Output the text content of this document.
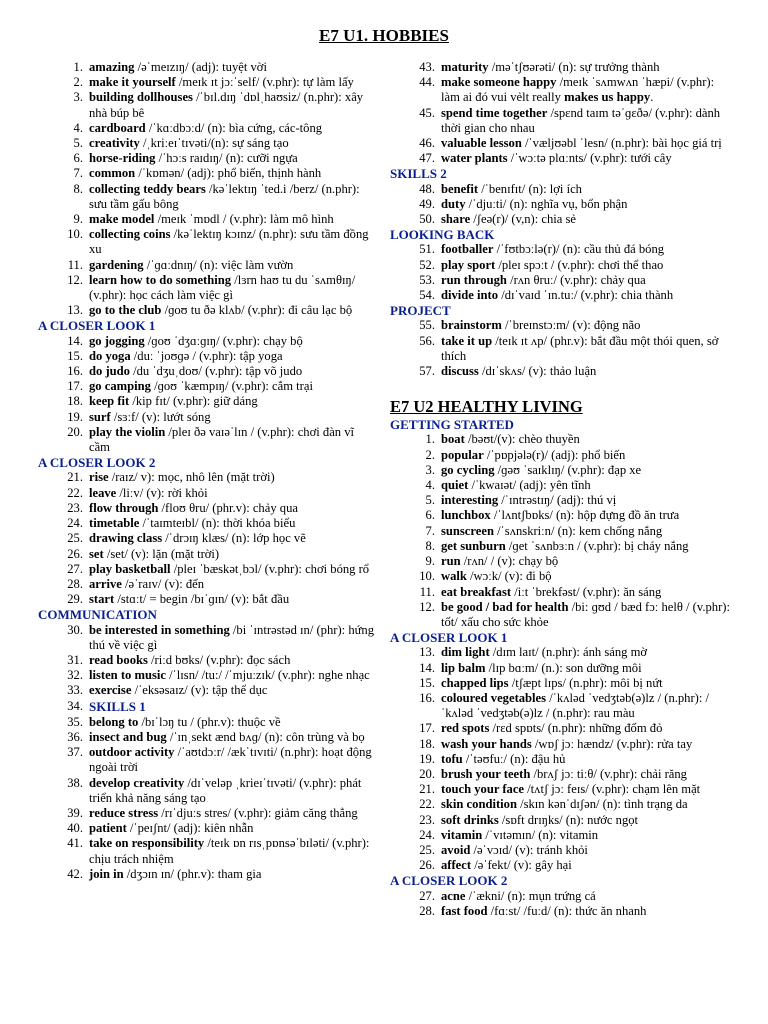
E7 U1. HOBBIES
1. amazing /əˈmeɪzɪŋ/ (adj): tuyệt vời
2. make it yourself /meɪk ɪt jɔːˈself/ (v.phr): tự làm lấy
3. building dollhouses /ˈbɪl.dɪŋ ˈdɒlˌhaʊsiz/ (n.phr): xây nhà búp bê
4. cardboard /ˈkɑːdbɔːd/ (n): bìa cứng, các-tông
5. creativity /ˌkriːeɪˈtɪvəti/(n): sự sáng tạo
6. horse-riding /ˈhɔːs raɪdɪŋ/ (n): cưỡi ngựa
7. common /ˈkɒmən/ (adj): phổ biến, thịnh hành
8. collecting teddy bears /kəˈlektɪŋ ˈted.i /berz/ (n.phr): sưu tầm gấu bông
9. make model /meɪk ˈmɒdl / (v.phr): làm mô hình
10. collecting coins /kəˈlektɪŋ kɔɪnz/ (n.phr): sưu tầm đồng xu
11. gardening /ˈɡɑːdnɪŋ/ (n): việc làm vườn
12. learn how to do something /lɜrn haʊ tu du ˈsʌmθɪŋ/ (v.phr): học cách làm việc gì
13. go to the club /ɡoʊ tu ðə klʌb/ (v.phr): đi câu lạc bộ
A CLOSER LOOK 1
14. go jogging /ɡoʊ ˈdʒɑːɡɪŋ/ (v.phr): chạy bộ
15. do yoga /duː ˈjoʊɡə / (v.phr): tập yoga
16. do judo /du ˈdʒuˌdoʊ/ (v.phr): tập võ judo
17. go camping /ɡoʊ ˈkæmpɪŋ/ (v.phr): cắm trại
18. keep fit /kip fɪt/ (v.phr): giữ dáng
19. surf /sɜːf/ (v): lướt sóng
20. play the violin /pleɪ ðə vaɪəˈlɪn / (v.phr): chơi đàn vĩ cầm
A CLOSER LOOK 2
21. rise /raɪz/ v): mọc, nhô lên (mặt trời)
22. leave /liːv/ (v): rời khỏi
23. flow through /floʊ θru/ (phr.v): chảy qua
24. timetable /ˈtaɪmteɪbl/ (n): thời khóa biểu
25. drawing class /ˈdrɔɪŋ klæs/ (n): lớp học vẽ
26. set /set/ (v): lặn (mặt trời)
27. play basketball /pleɪ ˈbæskətˌbɔl/ (v.phr): chơi bóng rổ
28. arrive /əˈraɪv/ (v): đến
29. start /stɑːt/ = begin /bɪˈɡɪn/ (v): bắt đầu
COMMUNICATION
30. be interested in something /bi ˈɪntrəstəd ɪn/ (phr): hứng thú về việc gì
31. read books /riːd bʊks/ (v.phr): đọc sách
32. listen to music /ˈlɪsn/ /tu:/ /ˈmjuːzɪk/ (v.phr): nghe nhạc
33. exercise /ˈeksəsaɪz/ (v): tập thể dục
34. SKILLS 1
35. belong to /bɪˈlɔŋ tu / (phr.v): thuộc về
36. insect and bug /ˈɪnˌsekt ænd bʌɡ/ (n): côn trùng và bọ
37. outdoor activity /ˈaʊtdɔːr/ /ækˈtɪvɪti/ (n.phr): hoạt động ngoài trời
38. develop creativity /dɪˈveləp ˌkrieɪˈtɪvəti/ (v.phr): phát triển khả năng sáng tạo
39. reduce stress /rɪˈdjuːs stres/ (v.phr): giảm căng thẳng
40. patient /ˈpeɪʃnt/ (adj): kiên nhẫn
41. take on responsibility /teɪk ɒn rɪsˌpɒnsəˈbɪləti/ (v.phr): chịu trách nhiệm
42. join in /dʒɔɪn ɪn/ (phr.v): tham gia
43. maturity /məˈtʃʊərəti/ (n): sự trưởng thành
44. make someone happy /meɪk ˈsʌmwʌn ˈhæpi/ (v.phr): làm ai đó vui vẻlt really makes us happy.
45. spend time together /spɛnd taɪm təˈɡɛðə/ (v.phr): dành thời gian cho nhau
46. valuable lesson /ˈvæljʊəbl ˈlesn/ (n.phr): bài học giá trị
47. water plants /ˈwɔːtə plɑːnts/ (v.phr): tưới cây
SKILLS 2
48. benefit /ˈbenɪfɪt/ (n): lợi ích
49. duty /ˈdjuːti/ (n): nghĩa vụ, bổn phận
50. share /ʃeə(r)/ (v,n): chia sẻ
LOOKING BACK
51. footballer /ˈfʊtbɔːlə(r)/ (n): cầu thủ đá bóng
52. play sport /pleɪ spɔːt / (v.phr): chơi thể thao
53. run through /rʌn θruː/ (v.phr): chảy qua
54. divide into /dɪˈvaɪd ˈɪn.tuː/ (v.phr): chia thành
PROJECT
55. brainstorm /ˈbreɪnstɔːm/ (v): động não
56. take it up /teɪk ɪt ʌp/ (phr.v): bắt đầu một thói quen, sở thích
57. discuss /dɪˈskʌs/ (v): thảo luận
E7 U2 HEALTHY LIVING
GETTING STARTED
1. boat /bəʊt/(v): chèo thuyền
2. popular /ˈpɒpjələ(r)/ (adj): phổ biến
3. go cycling /ɡəʊ ˈsaɪklɪŋ/ (v.phr): đạp xe
4. quiet /ˈkwaɪət/ (adj): yên tĩnh
5. interesting /ˈɪntrəstɪŋ/ (adj): thú vị
6. lunchbox /ˈlʌntʃbɒks/ (n): hộp đựng đồ ăn trưa
7. sunscreen /ˈsʌnskriːn/ (n): kem chống nắng
8. get sunburn /ɡet ˈsʌnbɜːn / (v.phr): bị cháy nắng
9. run /rʌn/ / (v): chạy bộ
10. walk /wɔːk/ (v): đi bộ
11. eat breakfast /iːt ˈbrekfəst/ (v.phr): ăn sáng
12. be good / bad for health /bi: ɡʊd / bæd fɔː helθ / (v.phr): tốt/ xấu cho sức khỏe
A CLOSER LOOK 1
13. dim light /dɪm laɪt/ (n.phr): ánh sáng mờ
14. lip balm /lɪp bɑːm/ (n.): son dưỡng môi
15. chapped lips /tʃæpt lɪps/ (n.phr): môi bị nứt
16. coloured vegetables /ˈkʌləd ˈvedʒtəb(ə)lz / (n.phr): /ˈkʌləd ˈvedʒtəb(ə)lz / (n.phr): rau màu
17. red spots /rɛd spɒts/ (n.phr): những đốm đỏ
18. wash your hands /wɒʃ jɔː hændz/ (v.phr): rửa tay
19. tofu /ˈtəʊfuː/ (n): đậu hủ
20. brush your teeth /brʌʃ jɔː tiːθ/ (v.phr): chải răng
21. touch your face /tʌtʃ jɔː feɪs/ (v.phr): chạm lên mặt
22. skin condition /skɪn kənˈdɪʃən/ (n): tình trạng da
23. soft drinks /sɒft drɪŋks/ (n): nước ngọt
24. vitamin /ˈvɪtəmɪn/ (n): vitamin
25. avoid /əˈvɔɪd/ (v): tránh khỏi
26. affect /əˈfekt/ (v): gây hại
A CLOSER LOOK 2
27. acne /ˈækni/ (n): mụn trứng cá
28. fast food /fɑːst/ /fuːd/ (n): thức ăn nhanh
